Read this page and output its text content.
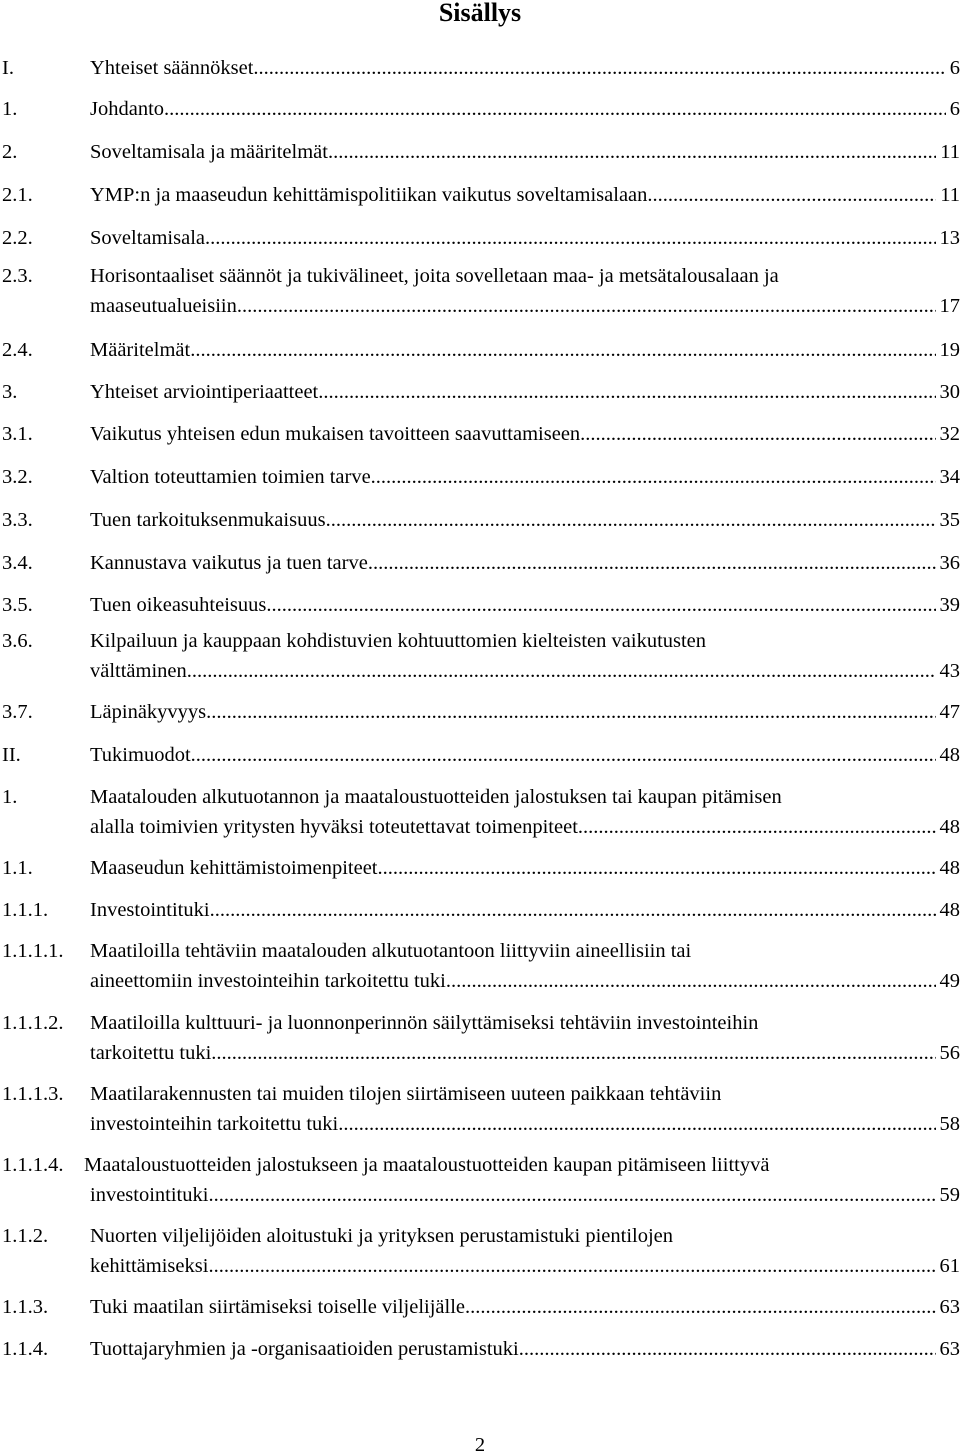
Sisällys
I.	Yhteiset säännökset .....	6
1.	Johdanto .....	6
2.	Soveltamisala ja määritelmät .....	11
2.1.	YMP:n ja maaseudun kehittämispolitiikan vaikutus soveltamisalaan .....	11
2.2.	Soveltamisala .....	13
2.3.	Horisontaaliset säännöt ja tukivälineet, joita sovelletaan maa- ja metsätalousalaan ja
maaseutualueisiin .....	17
2.4.	Määritelmät .....	19
3.	Yhteiset arviointiperiaatteet .....	30
3.1.	Vaikutus yhteisen edun mukaisen tavoitteen saavuttamiseen .....	32
3.2.	Valtion toteuttamien toimien tarve .....	34
3.3.	Tuen tarkoituksenmukaisuus .....	35
3.4.	Kannustava vaikutus ja tuen tarve .....	36
3.5.	Tuen oikeasuhteisuus .....	39
3.6.	Kilpailuun ja kauppaan kohdistuvien kohtuuttomien kielteisten vaikutusten
välttäminen .....	43
3.7.	Läpinäkyvyys .....	47
II.	Tukimuodot .....	48
1.	Maatalouden alkutuotannon ja maataloustuotteiden jalostuksen tai kaupan pitämisen
alalla toimivien yritysten hyväksi toteutettavat toimenpiteet .....	48
1.1.	Maaseudun kehittämistoimenpiteet .....	48
1.1.1. Investointituki .....	48
1.1.1.1. Maatiloilla tehtäviin maatalouden alkutuotantoon liittyviin aineellisiin tai
aineettomiin investointeihin tarkoitettu tuki .....	49
1.1.1.2. Maatiloilla kulttuuri- ja luonnonperinnön säilyttämiseksi tehtäviin investointeihin
tarkoitettu tuki .....	56
1.1.1.3. Maatilarakennusten tai muiden tilojen siirtämiseen uuteen paikkaan tehtäviin
investointeihin tarkoitettu tuki .....	58
1.1.1.4. Maataloustuotteiden jalostukseen ja maataloustuotteiden kaupan pitämiseen liittyvä
investointituki .....	59
1.1.2. Nuorten viljelijöiden aloitustuki ja yrityksen perustamistuki pientilojen
kehittämiseksi .....	61
1.1.3. Tuki maatilan siirtämiseksi toiselle viljelijälle .....	63
1.1.4. Tuottajaryhmien ja -organisaatioiden perustamistuki .....	63
2
